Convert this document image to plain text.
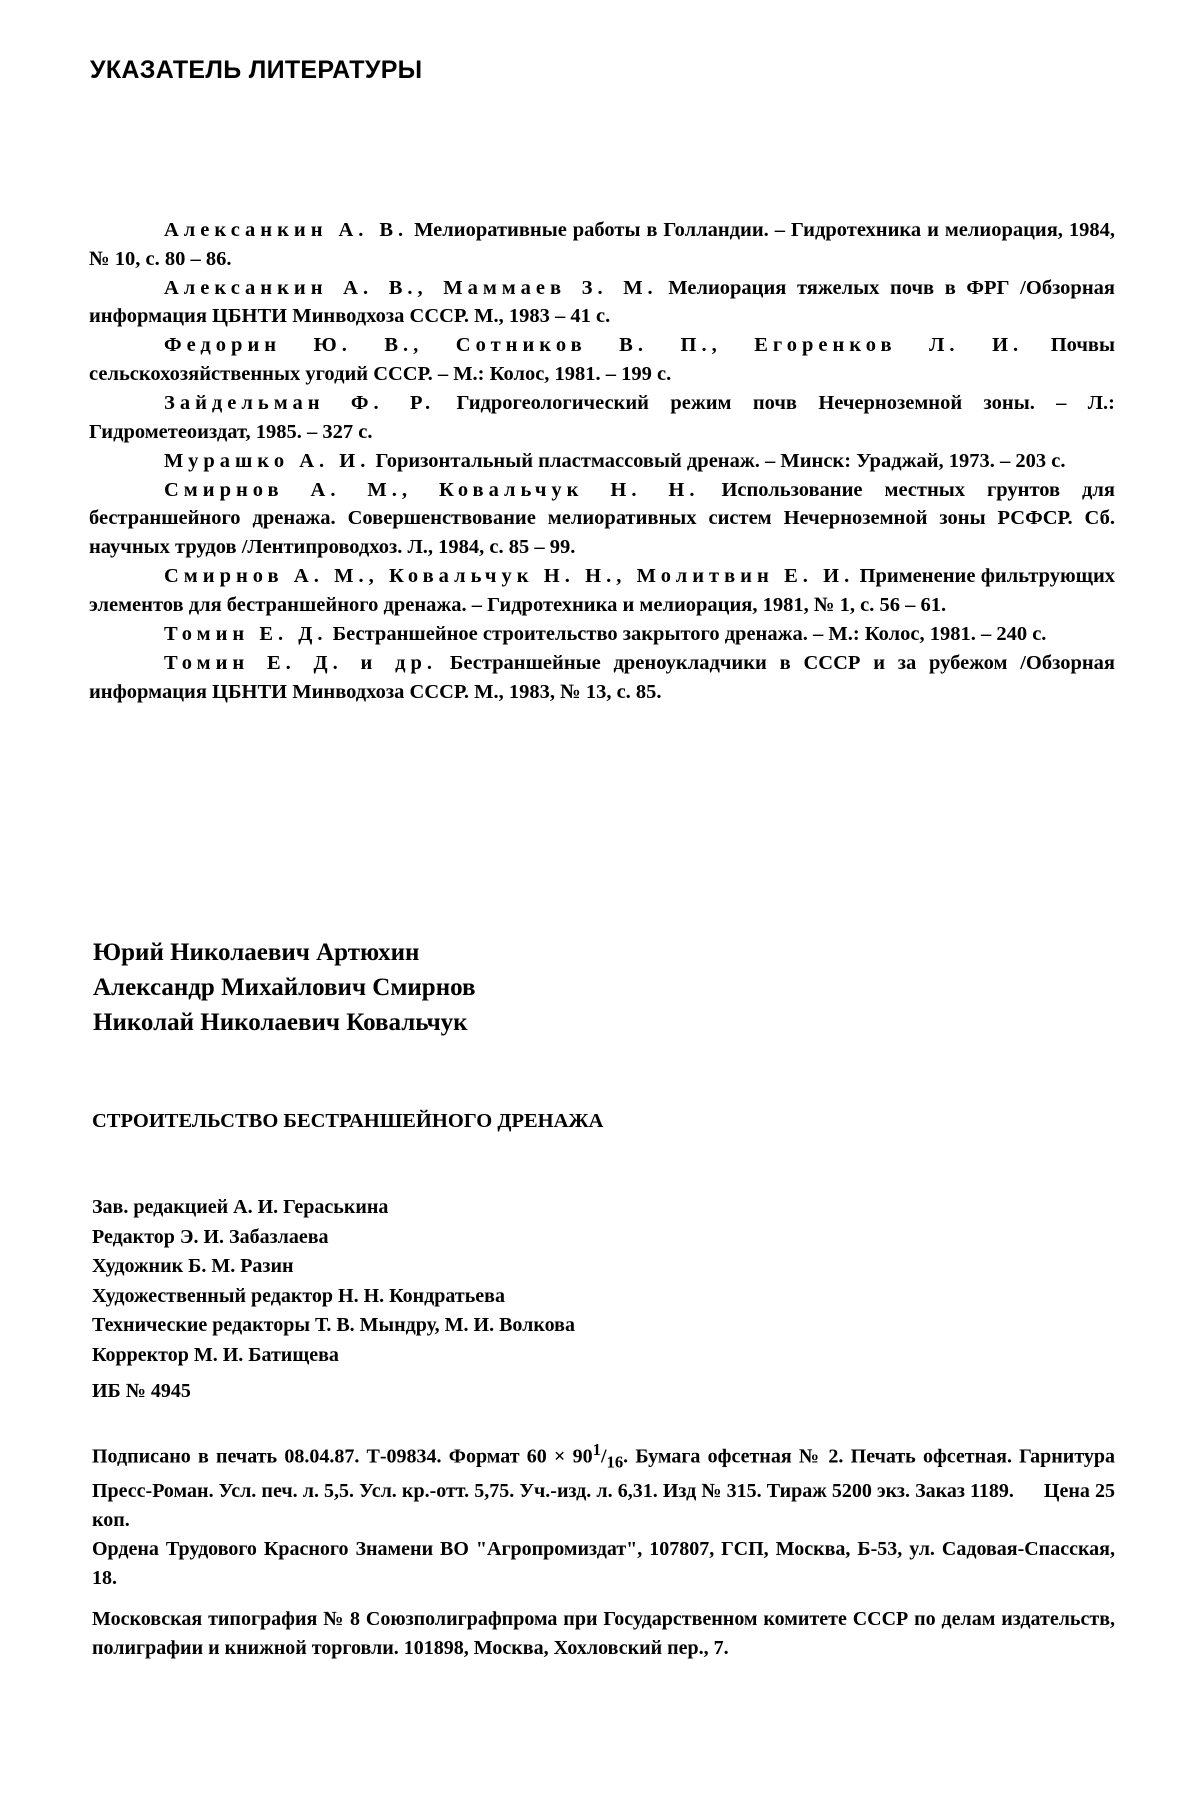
УКАЗАТЕЛЬ ЛИТЕРАТУРЫ

Алексанкин А. В. Мелиоративные работы в Голландии. – Гидротехника и мелиорация, 1984, № 10, с. 80 – 86.

Алексанкин А. В., Маммаев З. М. Мелиорация тяжелых почв в ФРГ /Обзорная информация ЦБНТИ Минводхоза СССР. М., 1983 – 41 с.

Федорин Ю. В., Сотников В. П., Егоренков Л. И. Почвы сельскохозяйственных угодий СССР. – М.: Колос, 1981. – 199 с.

Зайдельман Ф. Р. Гидрогеологический режим почв Нечерноземной зоны. – Л.: Гидрометеоиздат, 1985. – 327 с.

Мурашко А. И. Горизонтальный пластмассовый дренаж. – Минск: Ураджай, 1973. – 203 с.

Смирнов А. М., Ковальчук Н. Н. Использование местных грунтов для бестраншейного дренажа. Совершенствование мелиоративных систем Нечерноземной зоны РСФСР. Сб. научных трудов /Лентипроводхоз. Л., 1984, с. 85 – 99.

Смирнов А. М., Ковальчук Н. Н., Молитвин Е. И. Применение фильтрующих элементов для бестраншейного дренажа. – Гидротехника и мелиорация, 1981, № 1, с. 56 – 61.

Томин Е. Д. Бестраншейное строительство закрытого дренажа. – М.: Колос, 1981. – 240 с.

Томин Е. Д. и др. Бестраншейные дреноукладчики в СССР и за рубежом /Обзорная информация ЦБНТИ Минводхоза СССР. М., 1983, № 13, с. 85.

Юрий Николаевич Артюхин
Александр Михайлович Смирнов
Николай Николаевич Ковальчук

СТРОИТЕЛЬСТВО БЕСТРАНШЕЙНОГО ДРЕНАЖА

Зав. редакцией А. И. Гераськина
Редактор Э. И. Забазлаева
Художник Б. М. Разин
Художественный редактор Н. Н. Кондратьева
Технические редакторы Т. В. Мындру, М. И. Волкова
Корректор М. И. Батищева

ИБ № 4945

Подписано в печать 08.04.87. Т-09834. Формат $60 \times 90^1/_{16}$. Бумага офсетная № 2. Печать офсетная. Гарнитура Пресс-Роман. Усл. печ. л. 5,5. Усл. кр.-отт. 5,75. Уч.-изд. л. 6,31. Изд № 315. Тираж 5200 экз. Заказ 1189. Цена 25 коп.
Ордена Трудового Красного Знамени ВО "Агропромиздат", 107807, ГСП, Москва, Б-53, ул. Садовая-Спасская, 18.
Московская типография № 8 Союзполиграфпрома при Государственном комитете СССР по делам издательств, полиграфии и книжной торговли. 101898, Москва, Хохловский пер., 7.
